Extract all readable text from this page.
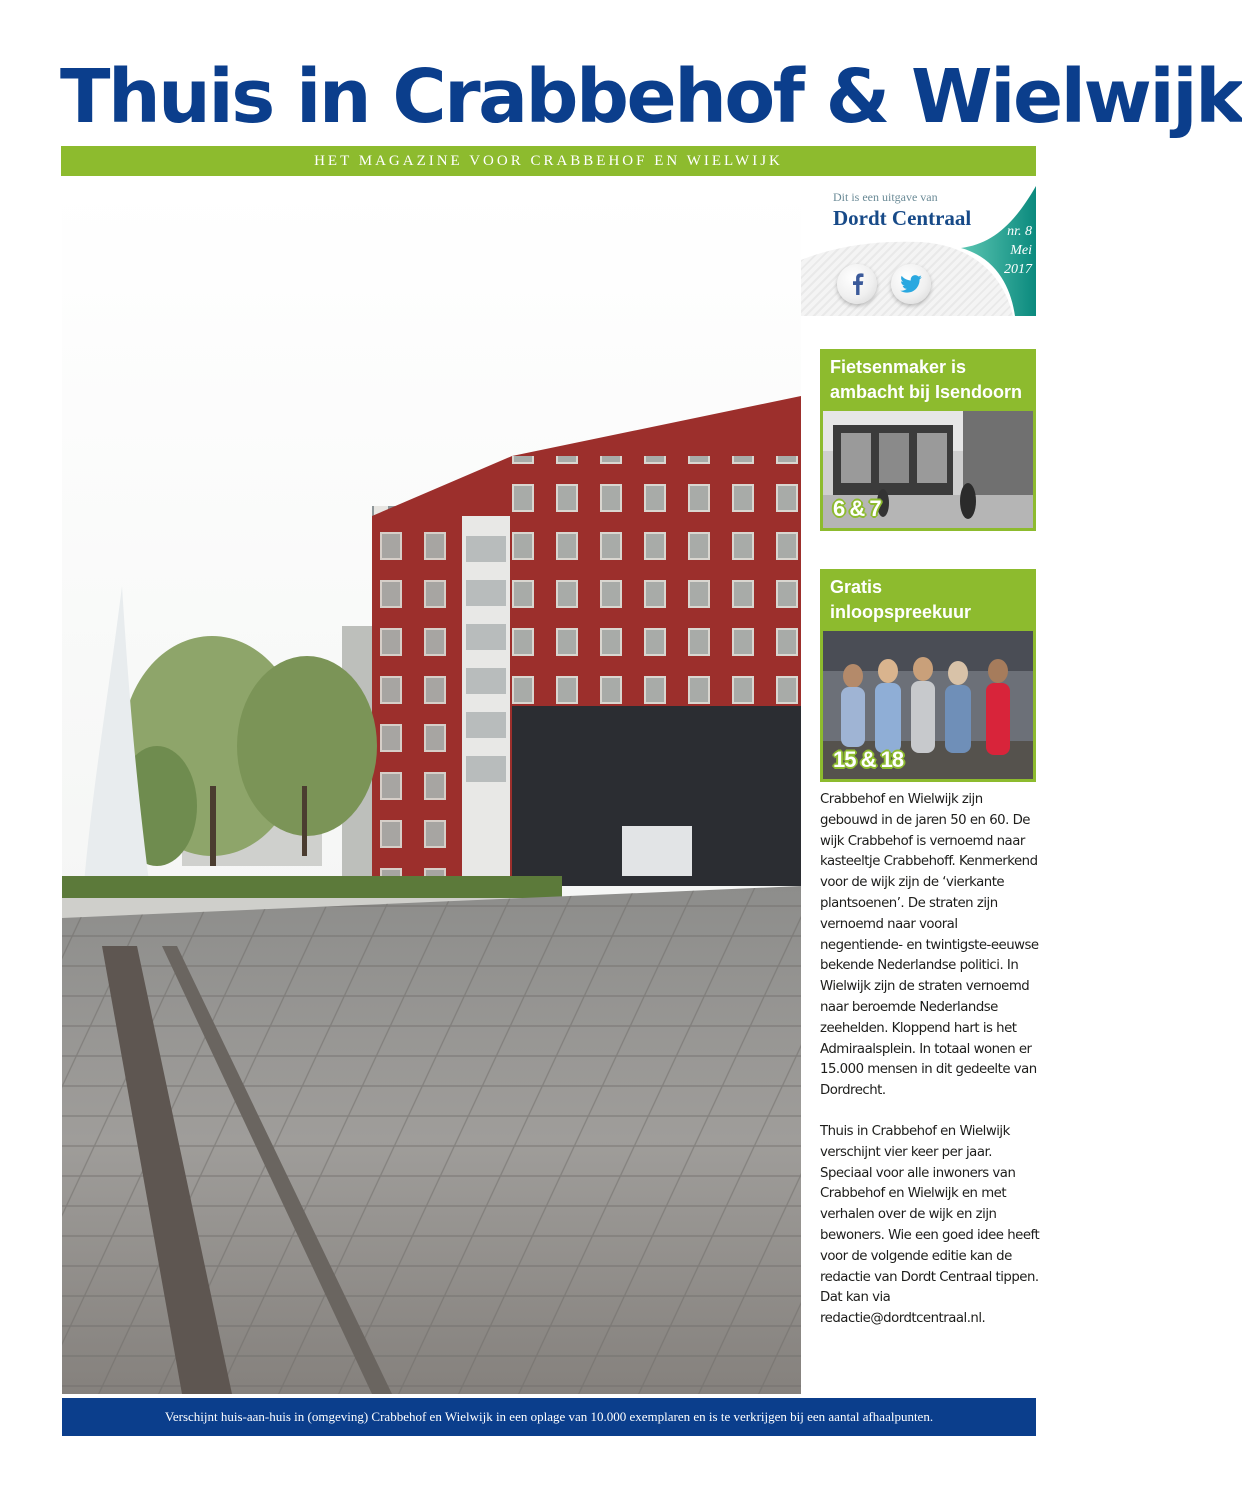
Thuis in Crabbehof & Wielwijk
HET MAGAZINE VOOR CRABBEHOF EN WIELWIJK
Dit is een uitgave van
Dordt Centraal
nr. 8
Mei
2017
Fietsenmaker is
ambacht bij Isendoorn
6 & 7
Gratis inloopspreekuur
15 & 18

Crabbehof en Wielwijk zijn gebouwd in de jaren 50 en 60. De wijk Crabbehof is vernoemd naar kasteeltje Crabbehoff. Kenmerkend voor de wijk zijn de ‘vierkante plantsoenen’. De straten zijn vernoemd naar vooral negentiende- en twintigste-eeuwse bekende Nederlandse politici. In Wielwijk zijn de straten vernoemd naar beroemde Nederlandse zeehelden. Kloppend hart is het Admiraalsplein. In totaal wonen er 15.000 mensen in dit gedeelte van Dordrecht.

Thuis in Crabbehof en Wielwijk verschijnt vier keer per jaar. Speciaal voor alle inwoners van Crabbehof en Wielwijk en met verhalen over de wijk en zijn bewoners. Wie een goed idee heeft voor de volgende editie kan de redactie van Dordt Centraal tippen. Dat kan via redactie@dordtcentraal.nl.

Verschijnt huis-aan-huis in (omgeving) Crabbehof en Wielwijk in een oplage van 10.000 exemplaren en is te verkrijgen bij een aantal afhaalpunten.
